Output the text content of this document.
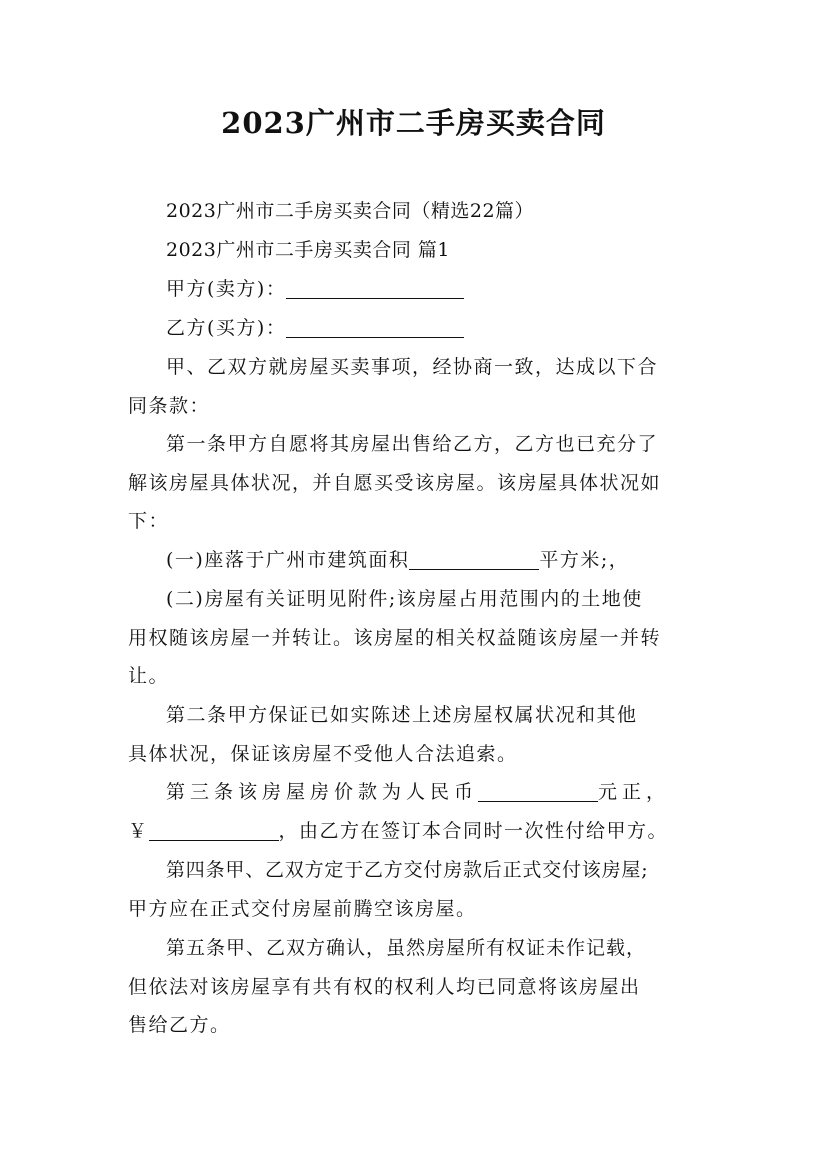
2023广州市二手房买卖合同
2023广州市二手房买卖合同（精选22篇）
2023广州市二手房买卖合同 篇1
甲方(卖方)：
乙方(买方)：
甲、乙双方就房屋买卖事项，经协商一致，达成以下合
同条款：
第一条甲方自愿将其房屋出售给乙方，乙方也已充分了
解该房屋具体状况，并自愿买受该房屋。该房屋具体状况如
下：
(一)座落于广州市建筑面积	平方米;，
(二)房屋有关证明见附件;该房屋占用范围内的土地使
用权随该房屋一并转让。该房屋的相关权益随该房屋一并转
让。
第二条甲方保证已如实陈述上述房屋权属状况和其他
具体状况，保证该房屋不受他人合法追索。
第三条该房屋房价款为人民币	元正，
￥	，由乙方在签订本合同时一次性付给甲方。
第四条甲、乙双方定于乙方交付房款后正式交付该房屋;
甲方应在正式交付房屋前腾空该房屋。
第五条甲、乙双方确认，虽然房屋所有权证未作记载，
但依法对该房屋享有共有权的权利人均已同意将该房屋出
售给乙方。
